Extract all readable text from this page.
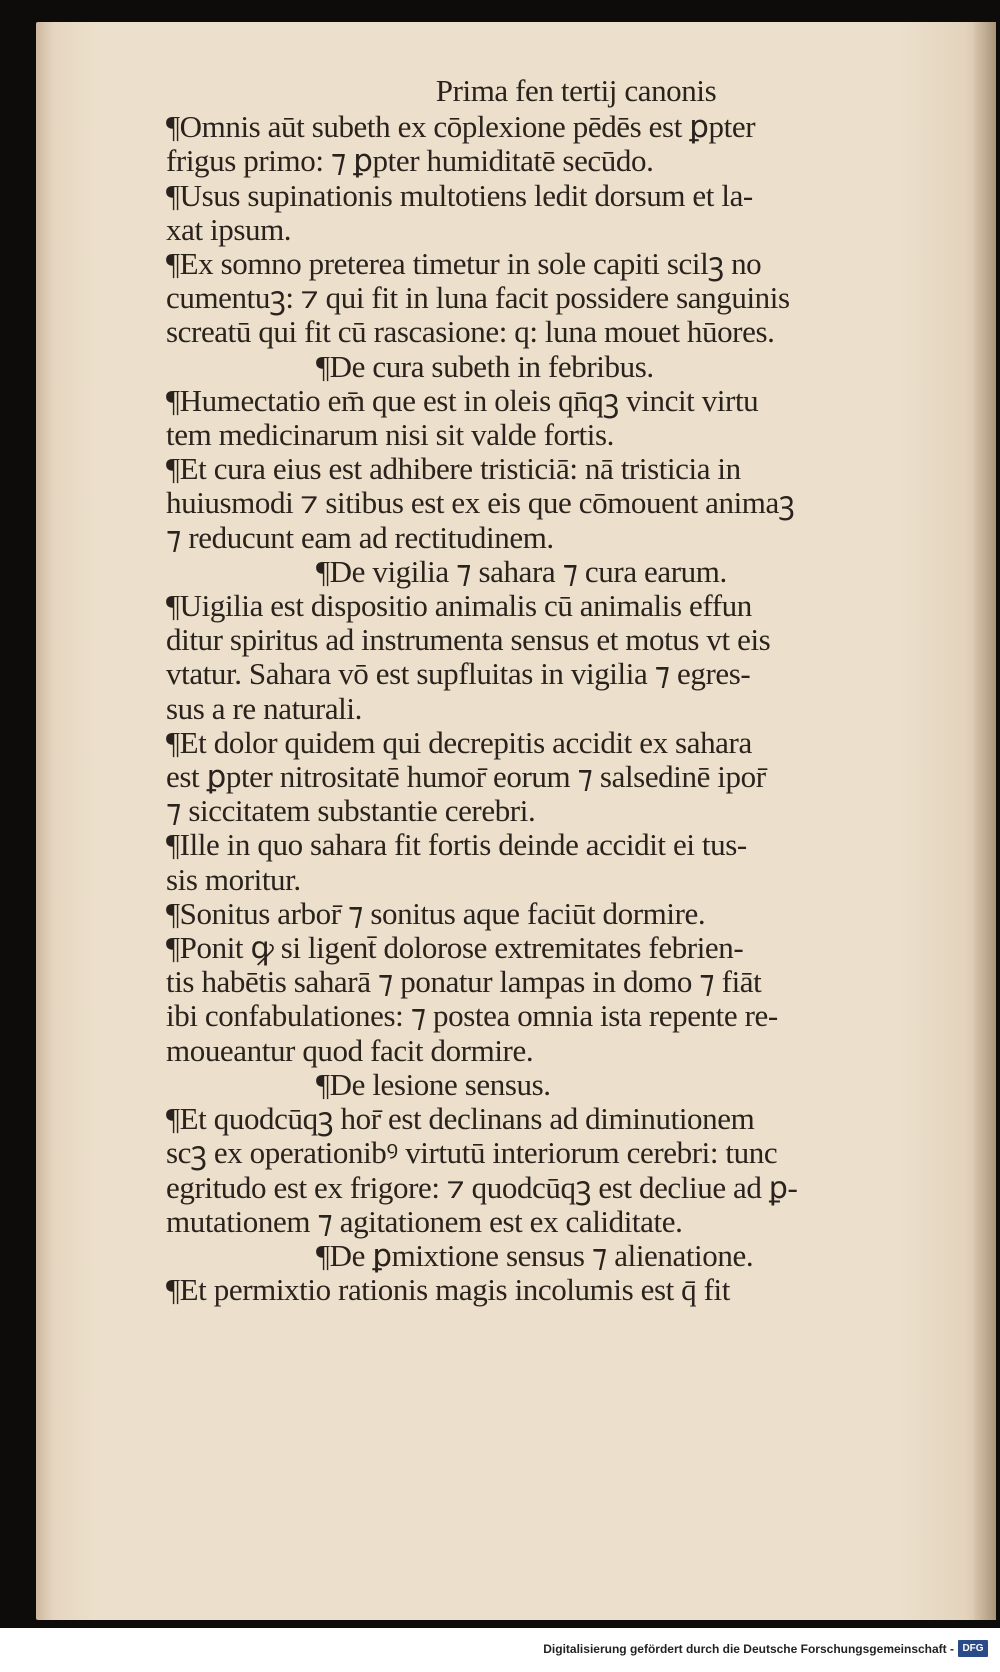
Prima fen tertij canonis
¶Omnis aūt subeth ex cōplexione pēdēs est ꝑpter
frigus primo: ⁊ ꝑpter humiditatē secūdo.
¶Usus supinationis multotiens ledit dorsum et la-
xat ipsum.
¶Ex somno preterea timetur in sole capiti scilꝫ no
cumentuꝫ: ⁊ qui fit in luna facit possidere sanguinis
screatū qui fit cū rascasione: q: luna mouet hūores.
¶De cura subeth in febribus.
¶Humectatio em̄ que est in oleis qn̄qꝫ vincit virtu
tem medicinarum nisi sit valde fortis.
¶Et cura eius est adhibere tristiciā: nā tristicia in
huiusmodi ⁊ sitibus est ex eis que cōmouent animaꝫ
⁊ reducunt eam ad rectitudinem.
¶De vigilia ⁊ sahara ⁊ cura earum.
¶Uigilia est dispositio animalis cū animalis effun
ditur spiritus ad instrumenta sensus et motus vt eis
vtatur. Sahara vō est supfluitas in vigilia ⁊ egres-
sus a re naturali.
¶Et dolor quidem qui decrepitis accidit ex sahara
est ꝑpter nitrositatē humor̄ eorum ⁊ salsedinē ipor̄
⁊ siccitatem substantie cerebri.
¶Ille in quo sahara fit fortis deinde accidit ei tus-
sis moritur.
¶Sonitus arbor̄ ⁊ sonitus aque faciūt dormire.
¶Ponit ꝙ si ligent̄ dolorose extremitates febrien-
tis habētis saharā ⁊ ponatur lampas in domo ⁊ fiāt
ibi confabulationes: ⁊ postea omnia ista repente re-
moueantur quod facit dormire.
¶De lesione sensus.
¶Et quodcūqꝫ hor̄ est declinans ad diminutionem
scꝫ ex operationibꝰ virtutū interiorum cerebri: tunc
egritudo est ex frigore: ⁊ quodcūqꝫ est decliue ad ꝑ-
mutationem ⁊ agitationem est ex caliditate.
¶De ꝑmixtione sensus ⁊ alienatione.
¶Et permixtio rationis magis incolumis est q̄ fit
Digitalisierung gefördert durch die Deutsche Forschungsgemeinschaft - DFG
